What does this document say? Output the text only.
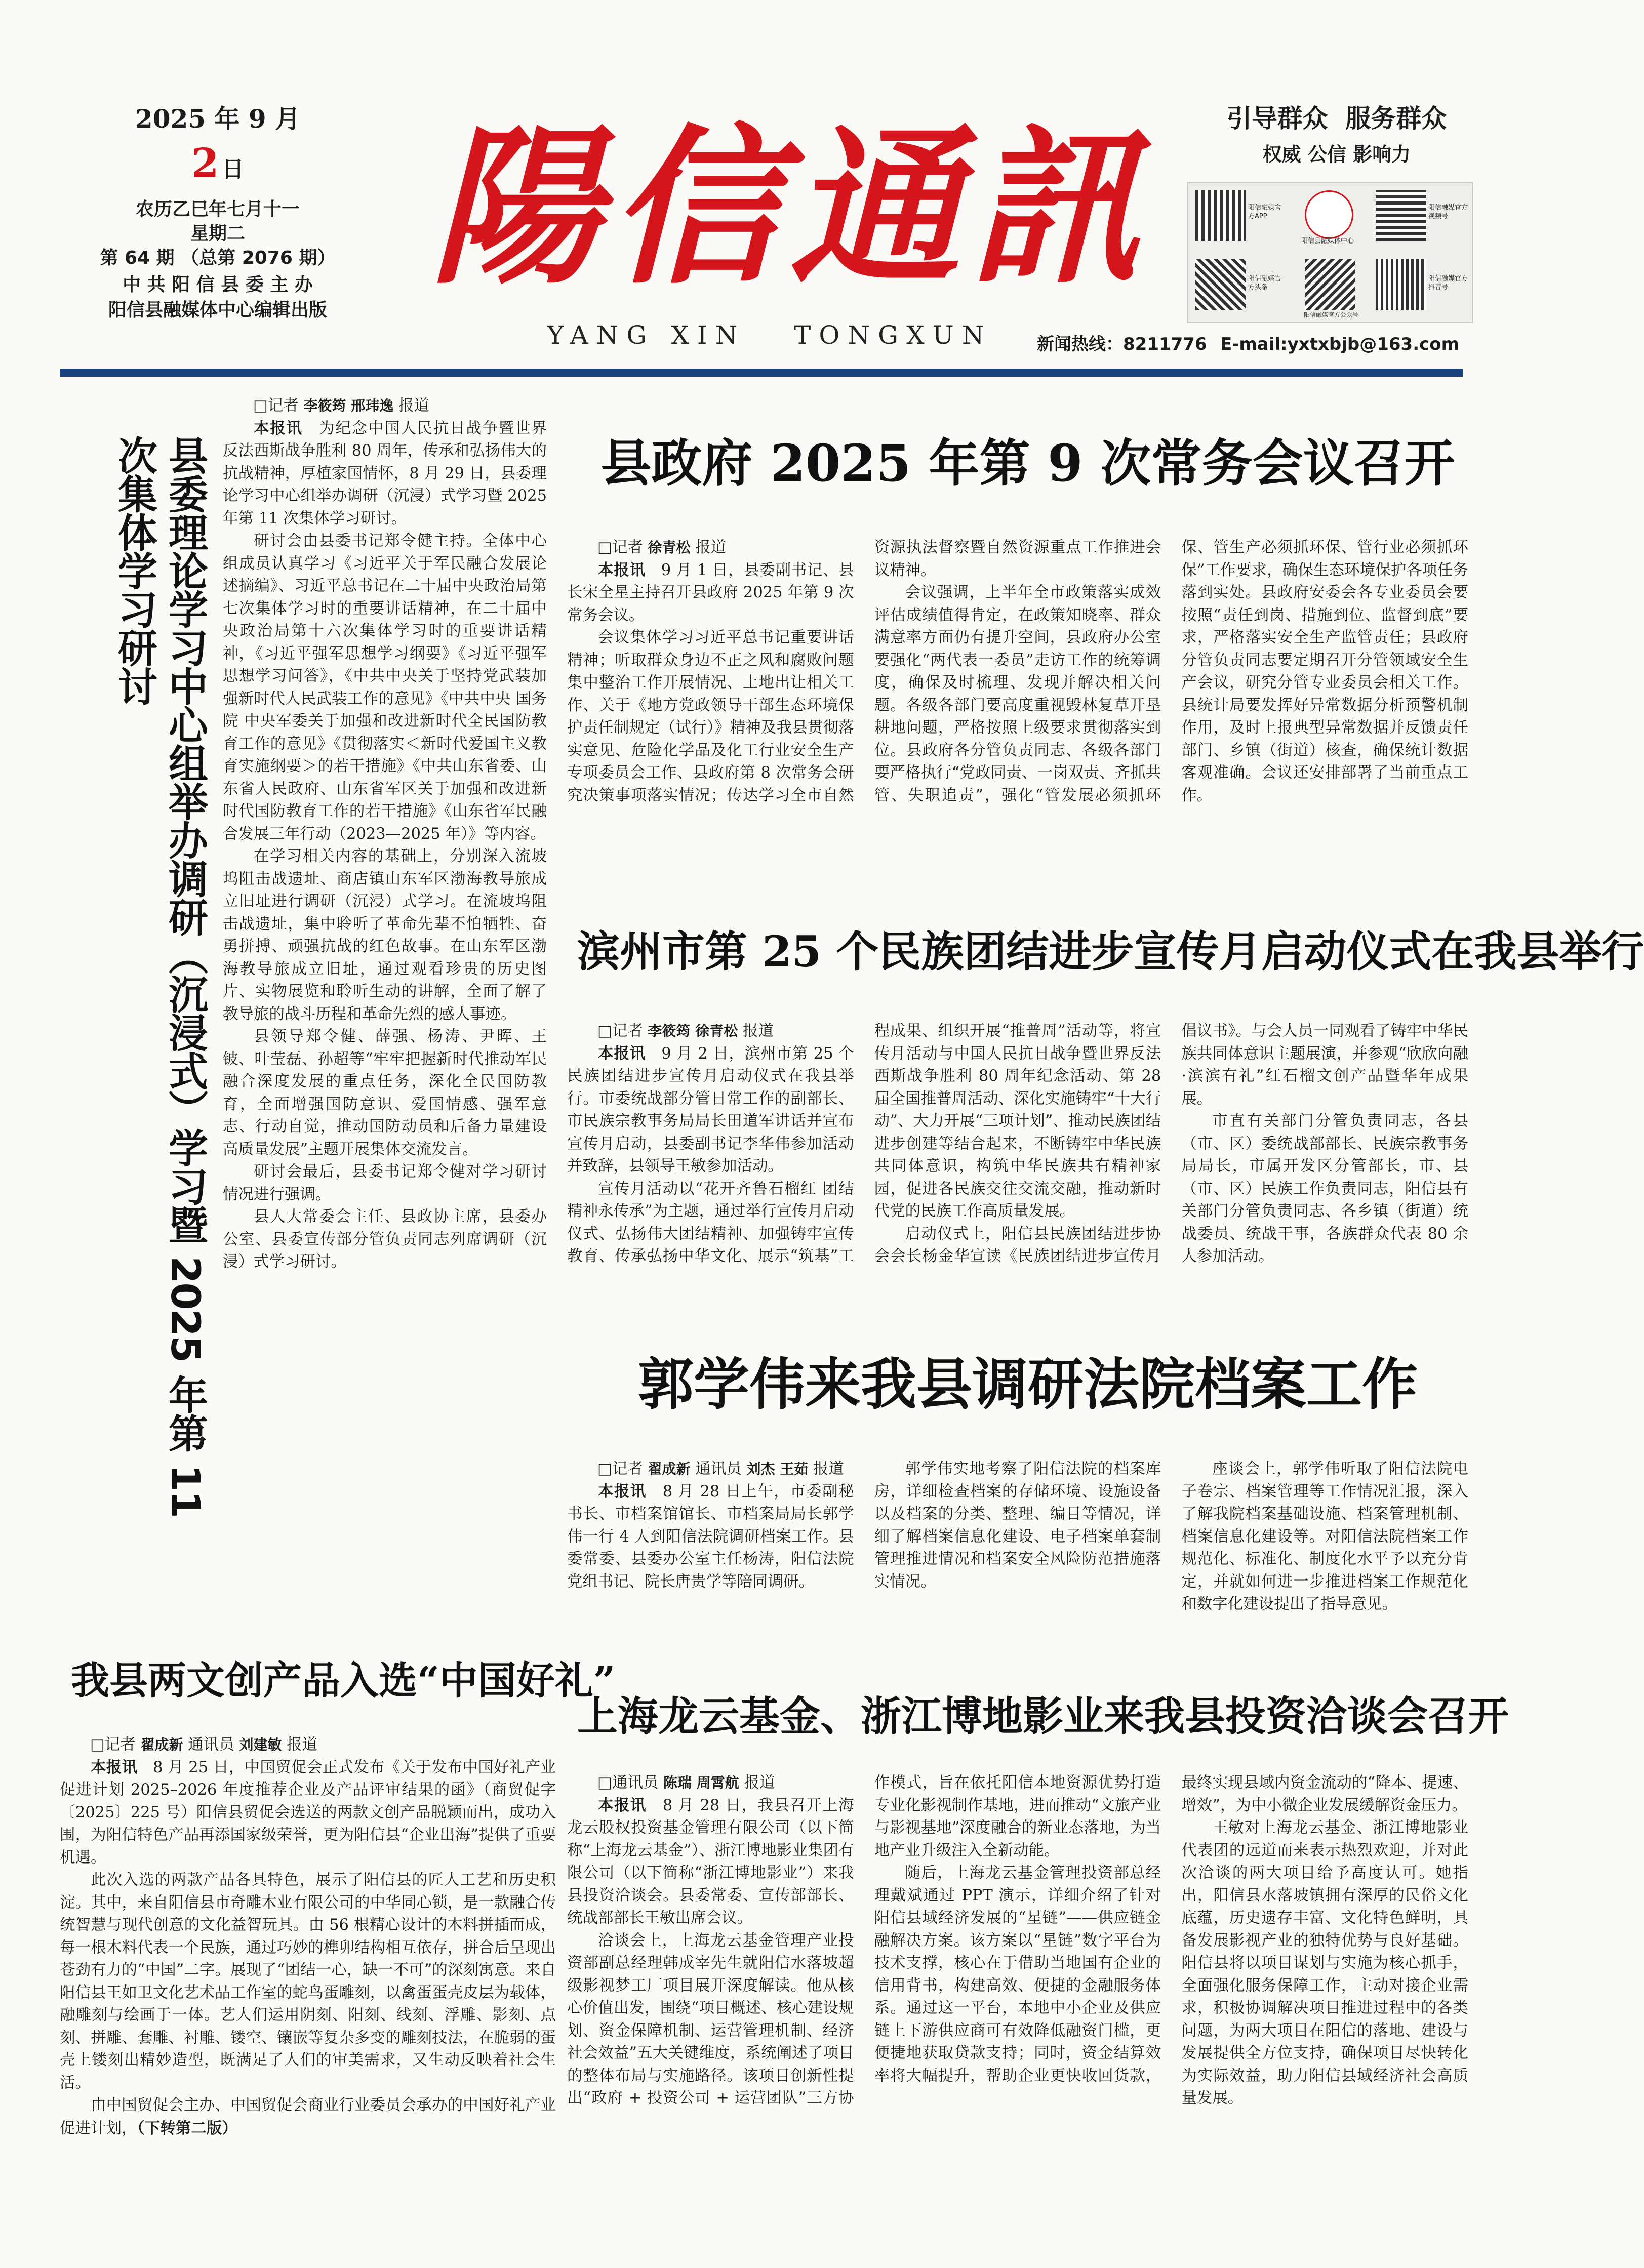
2025 年 9 月
2 日
农历乙巳年七月十一
星期二
第 64 期 （总第 2076 期）
中 共 阳 信 县 委 主 办
阳信县融媒体中心编辑出版
陽信通訊
YANG XIN   TONGXUN
引导群众  服务群众
权威 公信 影响力
阳信融媒官方APP
阳信县融媒体中心
阳信融媒官方视频号
阳信融媒官方头条
阳信融媒官方公众号
阳信融媒官方抖音号
新闻热线：8211776 E-mail:yxtxbjb@163.com
县委理论学习中心组举办调研（沉浸式）学习暨 2025 年第 11 次集体学习研讨

□记者 李筱筠 邢玮逸 报道

本报讯　 为纪念中国人民抗日战争暨世界反法西斯战争胜利 80 周年，传承和弘扬伟大的抗战精神，厚植家国情怀，8 月 29 日，县委理论学习中心组举办调研（沉浸）式学习暨 2025 年第 11 次集体学习研讨。

研讨会由县委书记郑令健主持。全体中心组成员认真学习《习近平关于军民融合发展论述摘编》、习近平总书记在二十届中央政治局第七次集体学习时的重要讲话精神，在二十届中央政治局第十六次集体学习时的重要讲话精神，《习近平强军思想学习纲要》《习近平强军思想学习问答》，《中共中央关于坚持党武装加强新时代人民武装工作的意见》《中共中央 国务院 中央军委关于加强和改进新时代全民国防教育工作的意见》《贯彻落实＜新时代爱国主义教育实施纲要＞的若干措施》《中共山东省委、山东省人民政府、山东省军区关于加强和改进新时代国防教育工作的若干措施》《山东省军民融合发展三年行动（2023—2025 年）》等内容。

在学习相关内容的基础上，分别深入流坡坞阻击战遗址、商店镇山东军区渤海教导旅成立旧址进行调研（沉浸）式学习。在流坡坞阻击战遗址，集中聆听了革命先辈不怕牺牲、奋勇拼搏、顽强抗战的红色故事。在山东军区渤海教导旅成立旧址，通过观看珍贵的历史图片、实物展览和聆听生动的讲解，全面了解了教导旅的战斗历程和革命先烈的感人事迹。

县领导郑令健、薛强、杨涛、尹晖、王铍、叶莹磊、孙超等“牢牢把握新时代推动军民融合深度发展的重点任务，深化全民国防教育，全面增强国防意识、爱国情感、强军意志、行动自觉，推动国防动员和后备力量建设高质量发展”主题开展集体交流发言。

研讨会最后，县委书记郑令健对学习研讨情况进行强调。

县人大常委会主任、县政协主席，县委办公室、县委宣传部分管负责同志列席调研（沉浸）式学习研讨。

县政府 2025 年第 9 次常务会议召开

□记者 徐青松 报道

本报讯　 9 月 1 日，县委副书记、县长宋全星主持召开县政府 2025 年第 9 次常务会议。

会议集体学习习近平总书记重要讲话精神；听取群众身边不正之风和腐败问题集中整治工作开展情况、土地出让相关工作、关于《地方党政领导干部生态环境保护责任制规定（试行）》精神及我县贯彻落实意见、危险化学品及化工行业安全生产专项委员会工作、县政府第 8 次常务会研究决策事项落实情况；传达学习全市自然资源执法督察暨自然资源重点工作推进会议精神。

会议强调，上半年全市政策落实成效评估成绩值得肯定，在政策知晓率、群众满意率方面仍有提升空间，县政府办公室要强化“两代表一委员”走访工作的统筹调度，确保及时梳理、发现并解决相关问题。各级各部门要高度重视毁林复草开垦耕地问题，严格按照上级要求贯彻落实到位。县政府各分管负责同志、各级各部门要严格执行“党政同责、一岗双责、齐抓共管、失职追责”，强化“管发展必须抓环保、管生产必须抓环保、管行业必须抓环保”工作要求，确保生态环境保护各项任务落到实处。县政府安委会各专业委员会要按照“责任到岗、措施到位、监督到底”要求，严格落实安全生产监管责任；县政府分管负责同志要定期召开分管领域安全生产会议，研究分管专业委员会相关工作。县统计局要发挥好异常数据分析预警机制作用，及时上报典型异常数据并反馈责任部门、乡镇（街道）核查，确保统计数据客观准确。会议还安排部署了当前重点工作。

滨州市第 25 个民族团结进步宣传月启动仪式在我县举行

□记者 李筱筠 徐青松 报道

本报讯　 9 月 2 日，滨州市第 25 个民族团结进步宣传月启动仪式在我县举行。市委统战部分管日常工作的副部长、市民族宗教事务局局长田道军讲话并宣布宣传月启动，县委副书记李华伟参加活动并致辞，县领导王敏参加活动。

宣传月活动以“花开齐鲁石榴红 团结精神永传承”为主题，通过举行宣传月启动仪式、弘扬伟大团结精神、加强铸牢宣传教育、传承弘扬中华文化、展示“筑基”工程成果、组织开展“推普周”活动等，将宣传月活动与中国人民抗日战争暨世界反法西斯战争胜利 80 周年纪念活动、第 28 届全国推普周活动、深化实施铸牢“十大行动”、大力开展“三项计划”、推动民族团结进步创建等结合起来，不断铸牢中华民族共同体意识，构筑中华民族共有精神家园，促进各民族交往交流交融，推动新时代党的民族工作高质量发展。

启动仪式上，阳信县民族团结进步协会会长杨金华宣读《民族团结进步宣传月倡议书》。与会人员一同观看了铸牢中华民族共同体意识主题展演，并参观“欣欣向融·滨滨有礼”红石榴文创产品暨华年成果展。

市直有关部门分管负责同志，各县（市、区）委统战部部长、民族宗教事务局局长，市属开发区分管部长，市、县（市、区）民族工作负责同志，阳信县有关部门分管负责同志、各乡镇（街道）统战委员、统战干事，各族群众代表 80 余人参加活动。

郭学伟来我县调研法院档案工作

□记者 翟成新 通讯员 刘杰 王茹 报道

本报讯　 8 月 28 日上午，市委副秘书长、市档案馆馆长、市档案局局长郭学伟一行 4 人到阳信法院调研档案工作。县委常委、县委办公室主任杨涛，阳信法院党组书记、院长唐贵学等陪同调研。

郭学伟实地考察了阳信法院的档案库房，详细检查档案的存储环境、设施设备以及档案的分类、整理、编目等情况，详细了解档案信息化建设、电子档案单套制管理推进情况和档案安全风险防范措施落实情况。

座谈会上，郭学伟听取了阳信法院电子卷宗、档案管理等工作情况汇报，深入了解我院档案基础设施、档案管理机制、档案信息化建设等。对阳信法院档案工作规范化、标准化、制度化水平予以充分肯定，并就如何进一步推进档案工作规范化和数字化建设提出了指导意见。

我县两文创产品入选“中国好礼”

□记者 翟成新 通讯员 刘建敏 报道

本报讯　 8 月 25 日，中国贸促会正式发布《关于发布中国好礼产业促进计划 2025–2026 年度推荐企业及产品评审结果的函》（商贸促字〔2025〕225 号）阳信县贸促会选送的两款文创产品脱颖而出，成功入围，为阳信特色产品再添国家级荣誉，更为阳信县“企业出海”提供了重要机遇。

此次入选的两款产品各具特色，展示了阳信县的匠人工艺和历史积淀。其中，来自阳信县市奇雕木业有限公司的中华同心锁，是一款融合传统智慧与现代创意的文化益智玩具。由 56 根精心设计的木料拼插而成，每一根木料代表一个民族，通过巧妙的榫卯结构相互依存，拼合后呈现出苍劲有力的“中国”二字。展现了“团结一心，缺一不可”的深刻寓意。来自阳信县王如卫文化艺术品工作室的蛇鸟蛋雕刻，以禽蛋蛋壳皮层为载体，融雕刻与绘画于一体。艺人们运用阴刻、阳刻、线刻、浮雕、影刻、点刻、拼雕、套雕、衬雕、镂空、镶嵌等复杂多变的雕刻技法，在脆弱的蛋壳上镂刻出精妙造型，既满足了人们的审美需求，又生动反映着社会生活。

由中国贸促会主办、中国贸促会商业行业委员会承办的中国好礼产业促进计划，（下转第二版）

上海龙云基金、浙江博地影业来我县投资洽谈会召开

□通讯员 陈瑞 周霄航 报道

本报讯　 8 月 28 日，我县召开上海龙云股权投资基金管理有限公司（以下简称“上海龙云基金”）、浙江博地影业集团有限公司（以下简称“浙江博地影业”）来我县投资洽谈会。县委常委、宣传部部长、统战部部长王敏出席会议。

洽谈会上，上海龙云基金管理产业投资部副总经理韩成宰先生就阳信水落坡超级影视梦工厂项目展开深度解读。他从核心价值出发，围绕“项目概述、核心建设规划、资金保障机制、运营管理机制、经济社会效益”五大关键维度，系统阐述了项目的整体布局与实施路径。该项目创新性提出“政府 + 投资公司 + 运营团队”三方协作模式，旨在依托阳信本地资源优势打造专业化影视制作基地，进而推动“文旅产业与影视基地”深度融合的新业态落地，为当地产业升级注入全新动能。

随后，上海龙云基金管理投资部总经理戴斌通过 PPT 演示，详细介绍了针对阳信县域经济发展的“星链”——供应链金融解决方案。该方案以“星链”数字平台为技术支撑，核心在于借助当地国有企业的信用背书，构建高效、便捷的金融服务体系。通过这一平台，本地中小企业及供应链上下游供应商可有效降低融资门槛，更便捷地获取贷款支持；同时，资金结算效率将大幅提升，帮助企业更快收回货款，最终实现县域内资金流动的“降本、提速、增效”，为中小微企业发展缓解资金压力。

王敏对上海龙云基金、浙江博地影业代表团的远道而来表示热烈欢迎，并对此次洽谈的两大项目给予高度认可。她指出，阳信县水落坡镇拥有深厚的民俗文化底蕴，历史遗存丰富、文化特色鲜明，具备发展影视产业的独特优势与良好基础。阳信县将以项目谋划与实施为核心抓手，全面强化服务保障工作，主动对接企业需求，积极协调解决项目推进过程中的各类问题，为两大项目在阳信的落地、建设与发展提供全方位支持，确保项目尽快转化为实际效益，助力阳信县域经济社会高质量发展。
